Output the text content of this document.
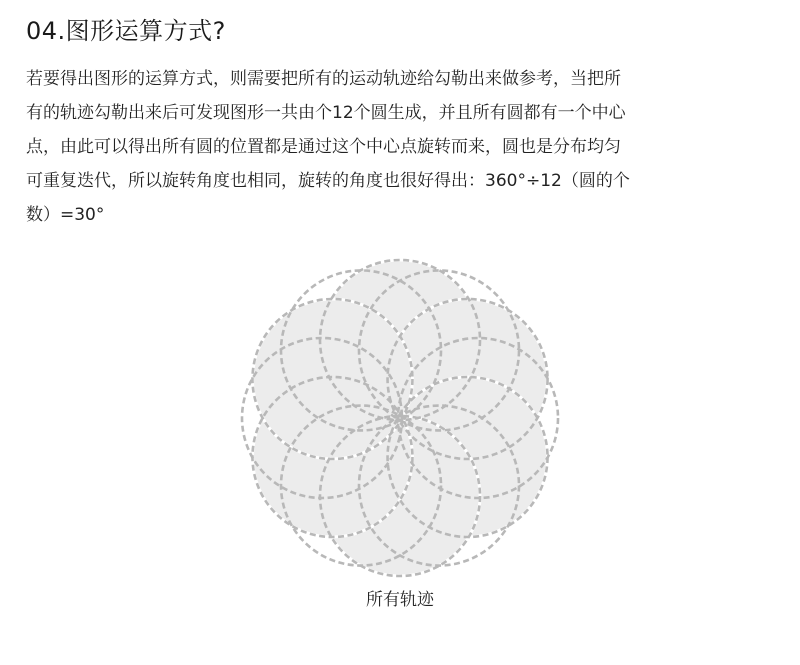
04.图形运算方式?

若要得出图形的运算方式，则需要把所有的运动轨迹给勾勒出来做参考，当把所
有的轨迹勾勒出来后可发现图形一共由个12个圆生成，并且所有圆都有一个中心
点，由此可以得出所有圆的位置都是通过这个中心点旋转而来，圆也是分布均匀
可重复迭代，所以旋转角度也相同，旋转的角度也很好得出：360°÷12（圆的个
数）=30°

所有轨迹
